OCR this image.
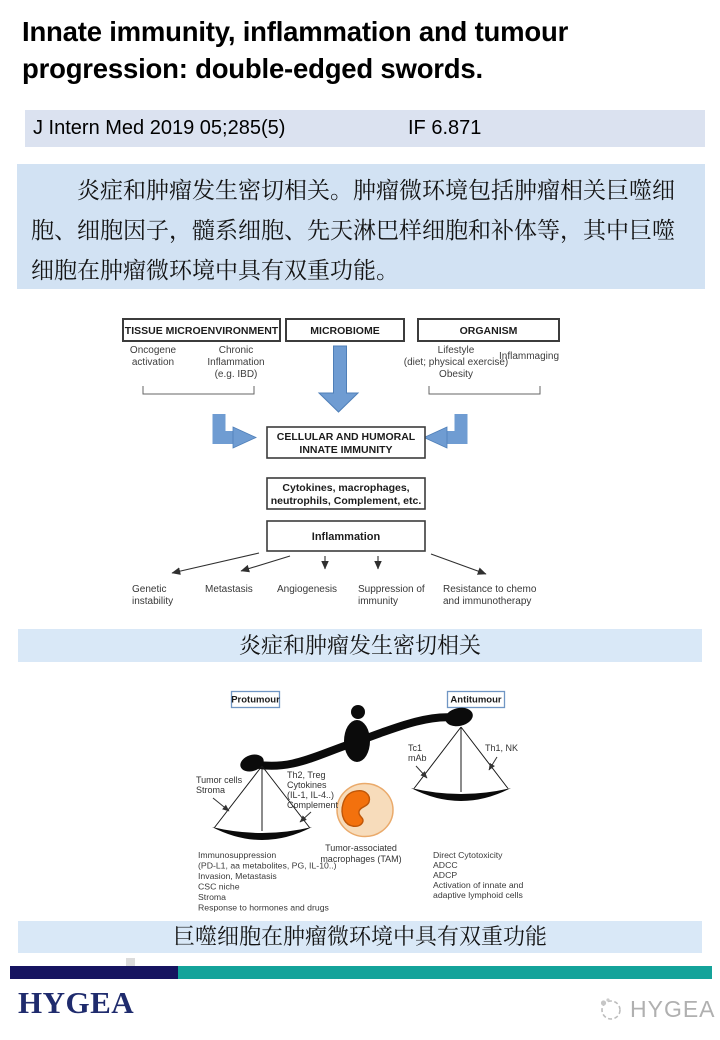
Innate immunity, inflammation and tumour progression: double-edged swords.
J Intern Med 2019 05;285(5)	IF 6.871
炎症和肿瘤发生密切相关。肿瘤微环境包括肿瘤相关巨噬细胞、细胞因子，髓系细胞、先天淋巴样细胞和补体等，其中巨噬细胞在肿瘤微环境中具有双重功能。
TISSUE MICROENVIRONMENT	MICROBIOME	ORGANISM
Oncogene
activation
Chronic
Inflammation
(e.g. IBD)
Lifestyle
(diet; physical exercise)
Obesity
Inflammaging
CELLULAR AND HUMORAL
INNATE IMMUNITY
Cytokines, macrophages,
neutrophils, Complement, etc.
Inflammation
Genetic
instability
Metastasis Angiogenesis Suppression of
immunity
Resistance to chemo
and immunotherapy
炎症和肿瘤发生密切相关
Protumour	Antitumour
Tumor cells
Stroma
Th2, Treg
Cytokines
(IL-1, IL-4..)
Complement
Tc1
mAb
Th1, NK
Tumor-associated
macrophages (TAM)
Immunosuppression
(PD-L1, aa metabolites, PG, IL-10..)
Invasion, Metastasis
CSC niche
Stroma
Response to hormones and drugs
Direct Cytotoxicity
ADCC
ADCP
Activation of innate and
adaptive lymphoid cells
巨噬细胞在肿瘤微环境中具有双重功能
HYGEA	HYGEA
